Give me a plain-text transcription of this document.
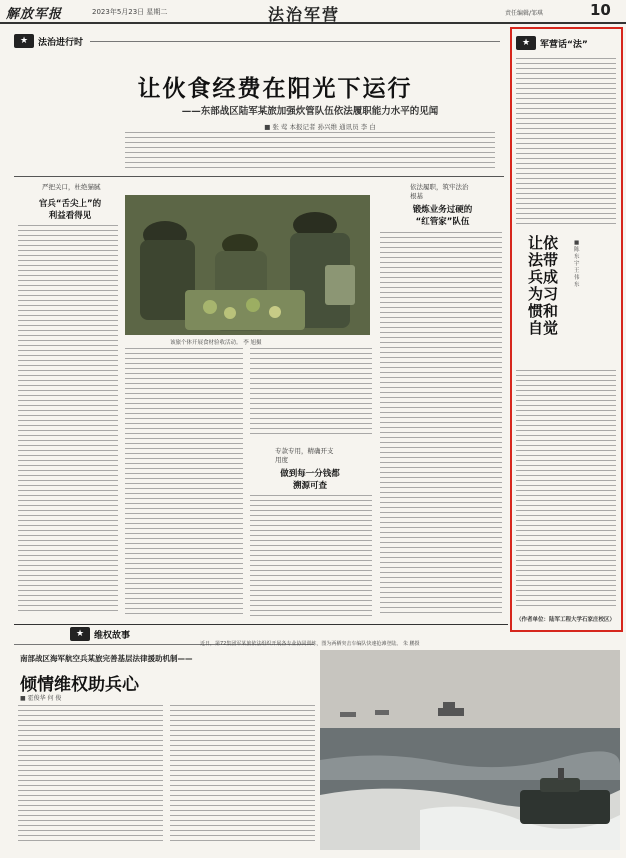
解放军报	2023年5月23日 星期二	法治军营	责任编辑/邹琪	10
★	法治进行时
让伙食经费在阳光下运行
——东部战区陆军某旅加强炊管队伍依法履职能力水平的见闻
■ 张 莺 本报记者 孙兴维 通讯员 李 白
严把关口，杜绝猫腻
官兵“舌尖上”的
利益看得见
该旅个体开展食材验收活动。 李 旭摄
依法履职，筑牢法治
根基
锻炼业务过硬的
“红管家”队伍
专款专用，精确开支
用度
做到每一分钱都
溯源可查
★	军营话“法”
让依法带兵成为习惯和自觉
■ 陈东宇 王伟东
（作者单位：陆军工程大学石家庄校区）
★	维权故事
南部战区海军航空兵某旅完善基层法律援助机制——
倾情维权助兵心
■ 霍俊华 何 俊
近日，第72集团军某旅依法组织开展各专业协同训练，图为两栖突击车编队快速抢滩登陆。 朱 鹏摄
